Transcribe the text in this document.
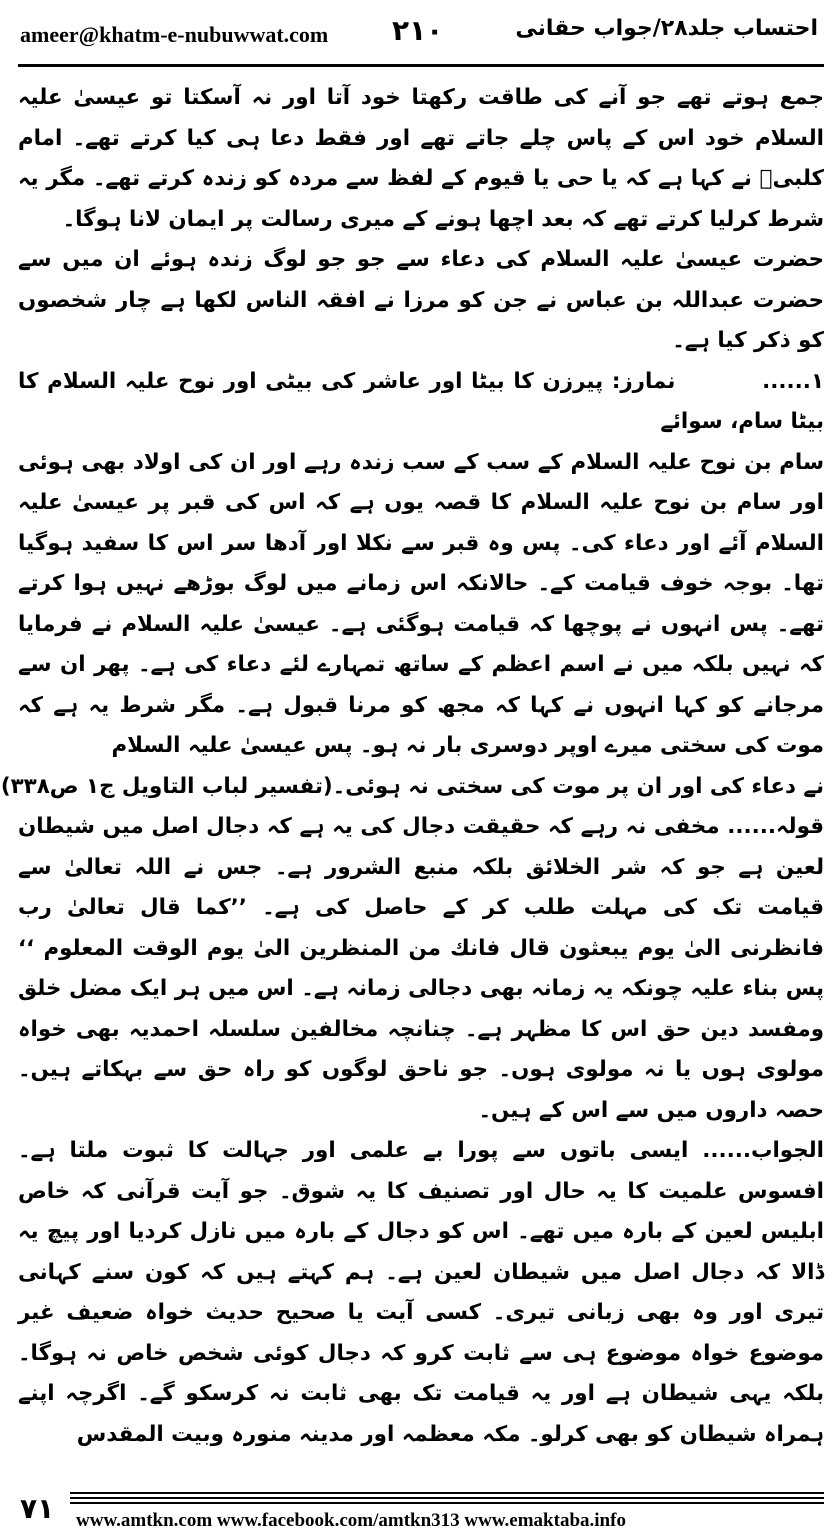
ameer@khatm-e-nubuwwat.com ۲۱۰	احتساب جلد۲۸/جواب حقانی

جمع ہوتے تھے جو آنے کی طاقت رکھتا خود آتا اور نہ آسکتا تو عیسیٰ علیہ السلام خود اس کے پاس چلے جاتے تھے اور فقط دعا ہی کیا کرتے تھے۔ امام کلبیؒ نے کہا ہے کہ یا حی یا قیوم کے لفظ سے مردہ کو زندہ کرتے تھے۔ مگر یہ شرط کرلیا کرتے تھے کہ بعد اچھا ہونے کے میری رسالت پر ایمان لانا ہوگا۔

حضرت عیسیٰ علیہ السلام کی دعاء سے جو جو لوگ زندہ ہوئے ان میں سے حضرت عبداللہ بن عباس نے جن کو مرزا نے افقہ الناس لکھا ہے چار شخصوں کو ذکر کیا ہے۔

۱......          نمارز: پیرزن کا بیٹا اور عاشر کی بیٹی اور نوح علیہ السلام کا بیٹا سام، سوائے

سام بن نوح علیہ السلام کے سب کے سب زندہ رہے اور ان کی اولاد بھی ہوئی اور سام بن نوح علیہ السلام کا قصہ یوں ہے کہ اس کی قبر پر عیسیٰ علیہ السلام آئے اور دعاء کی۔ پس وہ قبر سے نکلا اور آدھا سر اس کا سفید ہوگیا تھا۔ بوجہ خوف قیامت کے۔ حالانکہ اس زمانے میں لوگ بوڑھے نہیں ہوا کرتے تھے۔ پس انہوں نے پوچھا کہ قیامت ہوگئی ہے۔ عیسیٰ علیہ السلام نے فرمایا کہ نہیں بلکہ میں نے اسم اعظم کے ساتھ تمہارے لئے دعاء کی ہے۔ پھر ان سے مرجانے کو کہا انہوں نے کہا کہ مجھ کو مرنا قبول ہے۔ مگر شرط یہ ہے کہ موت کی سختی میرے اوپر دوسری بار نہ ہو۔ پس عیسیٰ علیہ السلام

نے دعاء کی اور ان پر موت کی سختی نہ ہوئی۔
(تفسیر لباب التاویل ج۱ ص۳۳۸)

قولہ...... مخفی نہ رہے کہ حقیقت دجال کی یہ ہے کہ دجال اصل میں شیطان لعین ہے جو کہ شر الخلائق بلکہ منبع الشرور ہے۔ جس نے اللہ تعالیٰ سے قیامت تک کی مہلت طلب کر کے حاصل کی ہے۔ ’’کما قال تعالیٰ رب فانظرنی الیٰ یوم یبعثون قال فانك من المنظرین الیٰ یوم الوقت المعلوم ‘‘ پس بناء علیہ چونکہ یہ زمانہ بھی دجالی زمانہ ہے۔ اس میں ہر ایک مضل خلق ومفسد دین حق اس کا مظہر ہے۔ چنانچہ مخالفین سلسلہ احمدیہ بھی خواہ مولوی ہوں یا نہ مولوی ہوں۔ جو ناحق لوگوں کو راہ حق سے بہکاتے ہیں۔ حصہ داروں میں سے اس کے ہیں۔

الجواب...... ایسی باتوں سے پورا بے علمی اور جہالت کا ثبوت ملتا ہے۔ افسوس علمیت کا یہ حال اور تصنیف کا یہ شوق۔ جو آیت قرآنی کہ خاص ابلیس لعین کے بارہ میں تھے۔ اس کو دجال کے بارہ میں نازل کردیا اور پیچ یہ ڈالا کہ دجال اصل میں شیطان لعین ہے۔ ہم کہتے ہیں کہ کون سنے کہانی تیری اور وہ بھی زبانی تیری۔ کسی آیت یا صحیح حدیث خواہ ضعیف غیر موضوع خواہ موضوع ہی سے ثابت کرو کہ دجال کوئی شخص خاص نہ ہوگا۔ بلکہ یہی شیطان ہے اور یہ قیامت تک بھی ثابت نہ کرسکو گے۔ اگرچہ اپنے ہمراہ شیطان کو بھی کرلو۔ مکہ معظمہ اور مدینہ منورہ وبیت المقدس

۷۱ www.amtkn.com www.facebook.com/amtkn313 www.emaktaba.info
